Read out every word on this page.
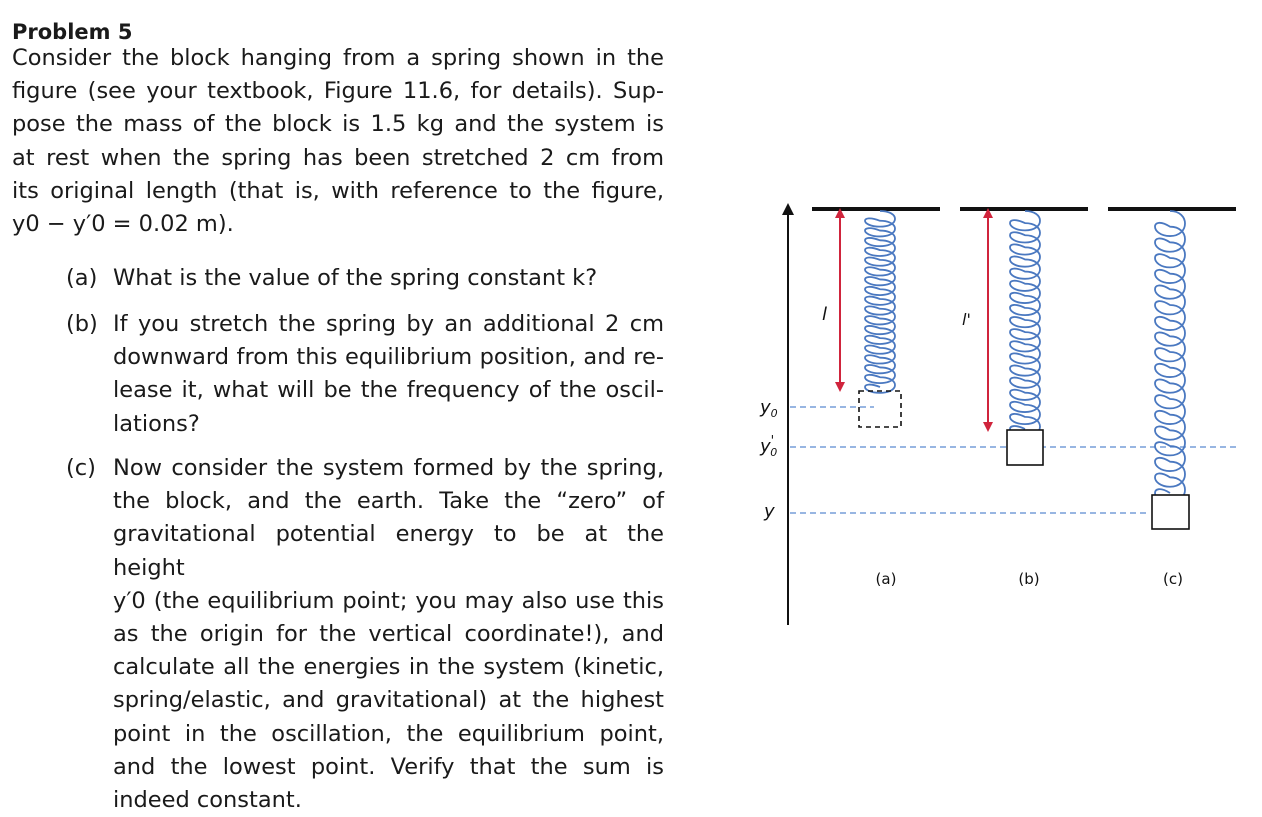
Problem 5
Consider the block hanging from a spring shown in the
figure (see your textbook, Figure 11.6, for details). Sup-
pose the mass of the block is 1.5 kg and the system is
at rest when the spring has been stretched 2 cm from
its original length (that is, with reference to the figure,
y0 − y′0 = 0.02 m).
(a) What is the value of the spring constant k?
(b) If you stretch the spring by an additional 2 cm
downward from this equilibrium position, and re-
lease it, what will be the frequency of the oscil-
lations?
(c) Now consider the system formed by the spring,
the block, and the earth. Take the “zero” of
gravitational potential energy to be at the height
y′0 (the equilibrium point; you may also use this
as the origin for the vertical coordinate!), and
calculate all the energies in the system (kinetic,
spring/elastic, and gravitational) at the highest
point in the oscillation, the equilibrium point,
and the lowest point. Verify that the sum is
indeed constant.
$y_0$
y' 0
y
l	l'
(a)	(b)	(c)
